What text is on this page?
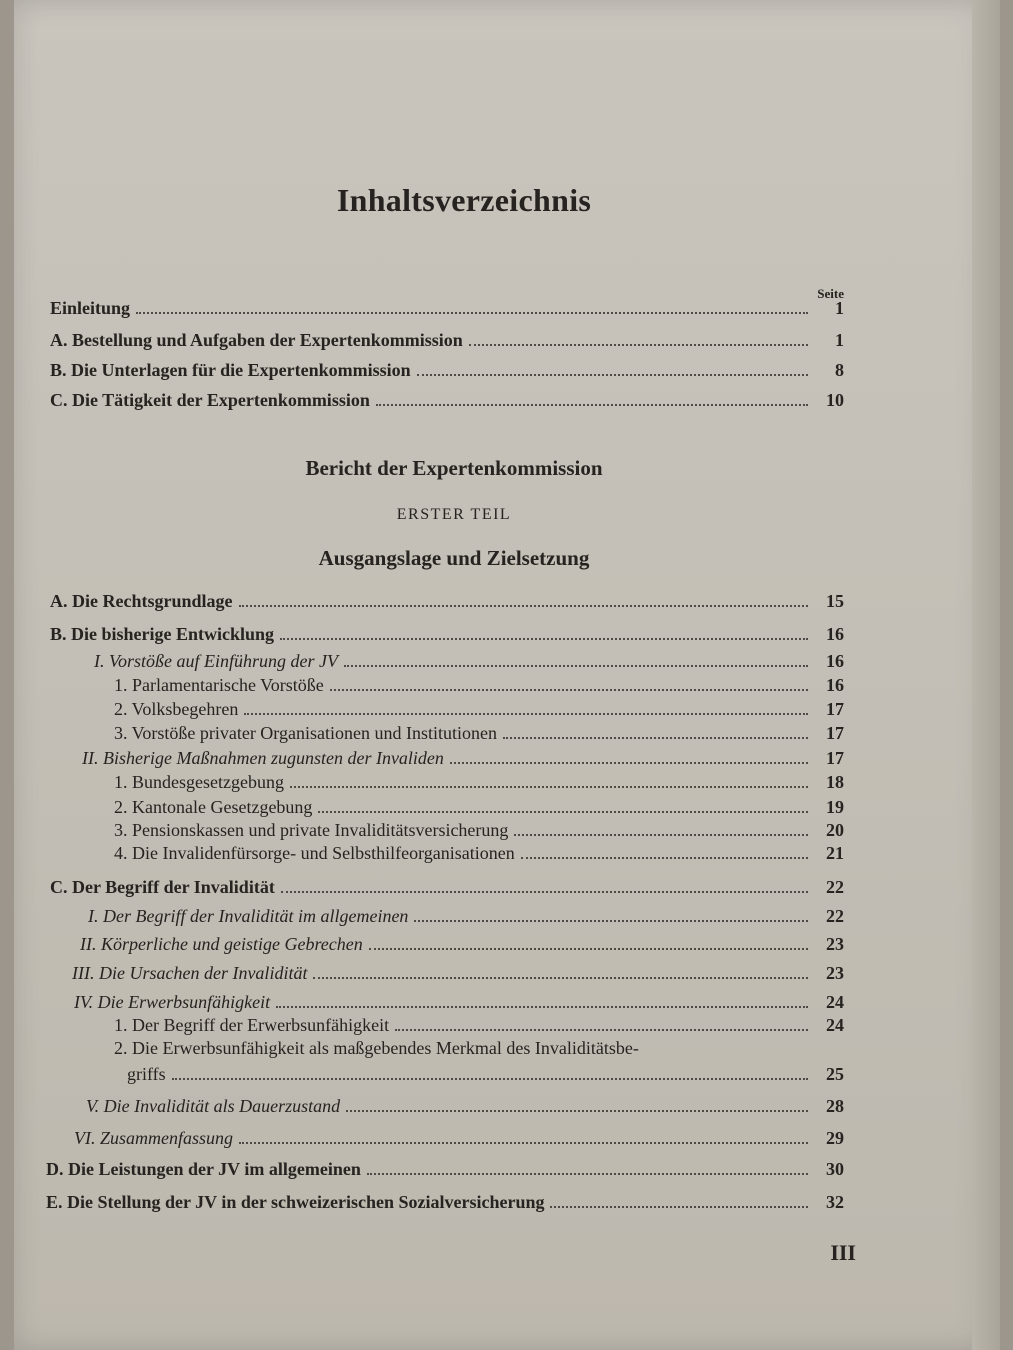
Inhaltsverzeichnis
Seite
Einleitung	1
A. Bestellung und Aufgaben der Expertenkommission	1
B. Die Unterlagen für die Expertenkommission	8
C. Die Tätigkeit der Expertenkommission	10
Bericht der Expertenkommission
ERSTER TEIL
Ausgangslage und Zielsetzung
A. Die Rechtsgrundlage	15
B. Die bisherige Entwicklung	16
I. Vorstöße auf Einführung der JV	16
1. Parlamentarische Vorstöße	16
2. Volksbegehren	17
3. Vorstöße privater Organisationen und Institutionen	17
II. Bisherige Maßnahmen zugunsten der Invaliden	17
1. Bundesgesetzgebung	18
2. Kantonale Gesetzgebung	19
3. Pensionskassen und private Invaliditätsversicherung	20
4. Die Invalidenfürsorge- und Selbsthilfeorganisationen	21
C. Der Begriff der Invalidität	22
I. Der Begriff der Invalidität im allgemeinen	22
II. Körperliche und geistige Gebrechen	23
III. Die Ursachen der Invalidität	23
IV. Die Erwerbsunfähigkeit	24
1. Der Begriff der Erwerbsunfähigkeit	24
2. Die Erwerbsunfähigkeit als maßgebendes Merkmal des Invaliditätsbe-
griffs	25
V. Die Invalidität als Dauerzustand	28
VI. Zusammenfassung	29
D. Die Leistungen der JV im allgemeinen	30
E. Die Stellung der JV in der schweizerischen Sozialversicherung	32
III
